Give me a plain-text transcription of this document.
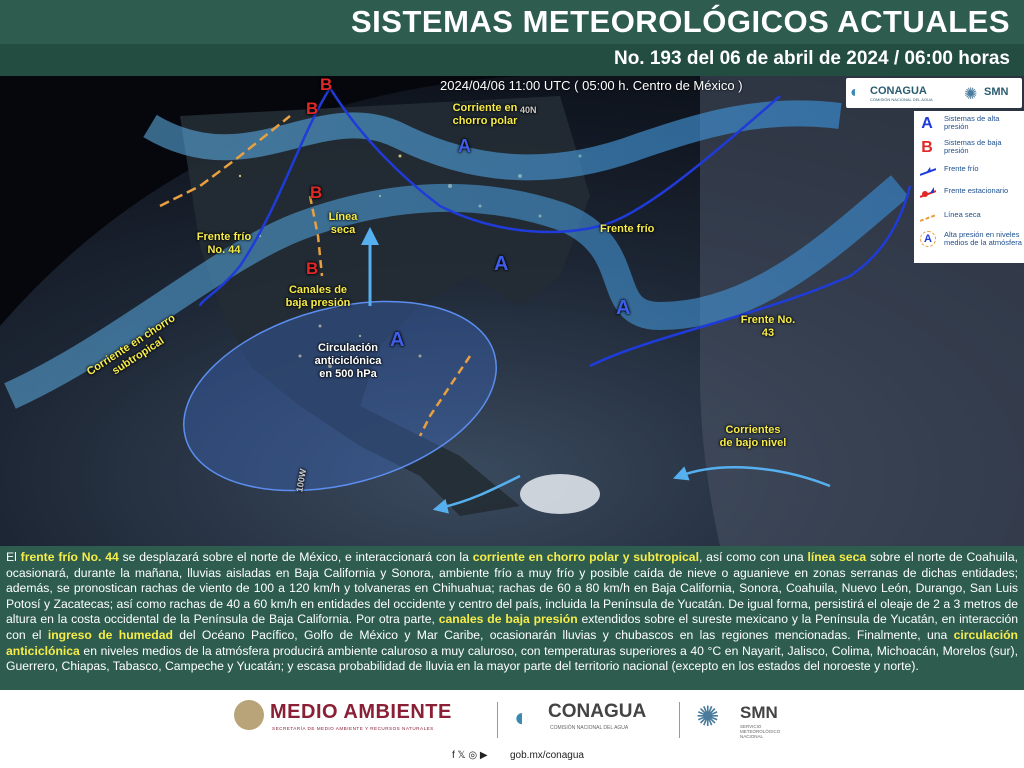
SISTEMAS METEOROLÓGICOS ACTUALES
No. 193 del 06 de abril de 2024 / 06:00 horas
2024/04/06 11:00 UTC ( 05:00 h. Centro de México )
40N
100W
Corriente en chorro polar
Corriente en chorro subtropical
Frente frío No. 44
Línea seca
Canales de baja presión
Circulación anticiclónica en 500 hPa
Frente frío
Frente No. 43
Corrientes de bajo nivel
B
B
B
B
A
A
A
A
◐ CONAGUA
COMISIÓN NACIONAL DEL AGUA ✺ SMN
A Sistemas de alta presión
B Sistemas de baja presión
Frente frío
Frente estacionario
Línea seca
A	Alta presión en niveles medios de la atmósfera

El frente frío No. 44 se desplazará sobre el norte de México, e interaccionará con la corriente en chorro polar y subtropical, así como con una línea seca sobre el norte de Coahuila, ocasionará, durante la mañana, lluvias aisladas en Baja California y Sonora, ambiente frío a muy frío y posible caída de nieve o aguanieve en zonas serranas de dichas entidades; además, se pronostican rachas de viento de 100 a 120 km/h y tolvaneras en Chihuahua; rachas de 60 a 80 km/h en Baja California, Sonora, Coahuila, Nuevo León, Durango, San Luis Potosí y Zacatecas; así como rachas de 40 a 60 km/h en entidades del occidente y centro del país, incluida la Península de Yucatán. De igual forma, persistirá el oleaje de 2 a 3 metros de altura en la costa occidental de la Península de Baja California. Por otra parte, canales de baja presión extendidos sobre el sureste mexicano y la Península de Yucatán, en interacción con el ingreso de humedad del Océano Pacífico, Golfo de México y Mar Caribe, ocasionarán lluvias y chubascos en las regiones mencionadas. Finalmente, una circulación anticiclónica en niveles medios de la atmósfera producirá ambiente caluroso a muy caluroso, con temperaturas superiores a 40 °C en Nayarit, Jalisco, Colima, Michoacán, Morelos (sur), Guerrero, Chiapas, Tabasco, Campeche y Yucatán; y escasa probabilidad de lluvia en la mayor parte del territorio nacional (excepto en los estados del noroeste y norte).

MEDIO AMBIENTE
SECRETARÍA DE MEDIO AMBIENTE Y RECURSOS NATURALES	◐ CONAGUA
COMISIÓN NACIONAL DEL AGUA ✺ SMN
SERVICIO METEOROLÓGICO NACIONAL
f 𝕏 ◎ ▶ gob.mx/conagua
